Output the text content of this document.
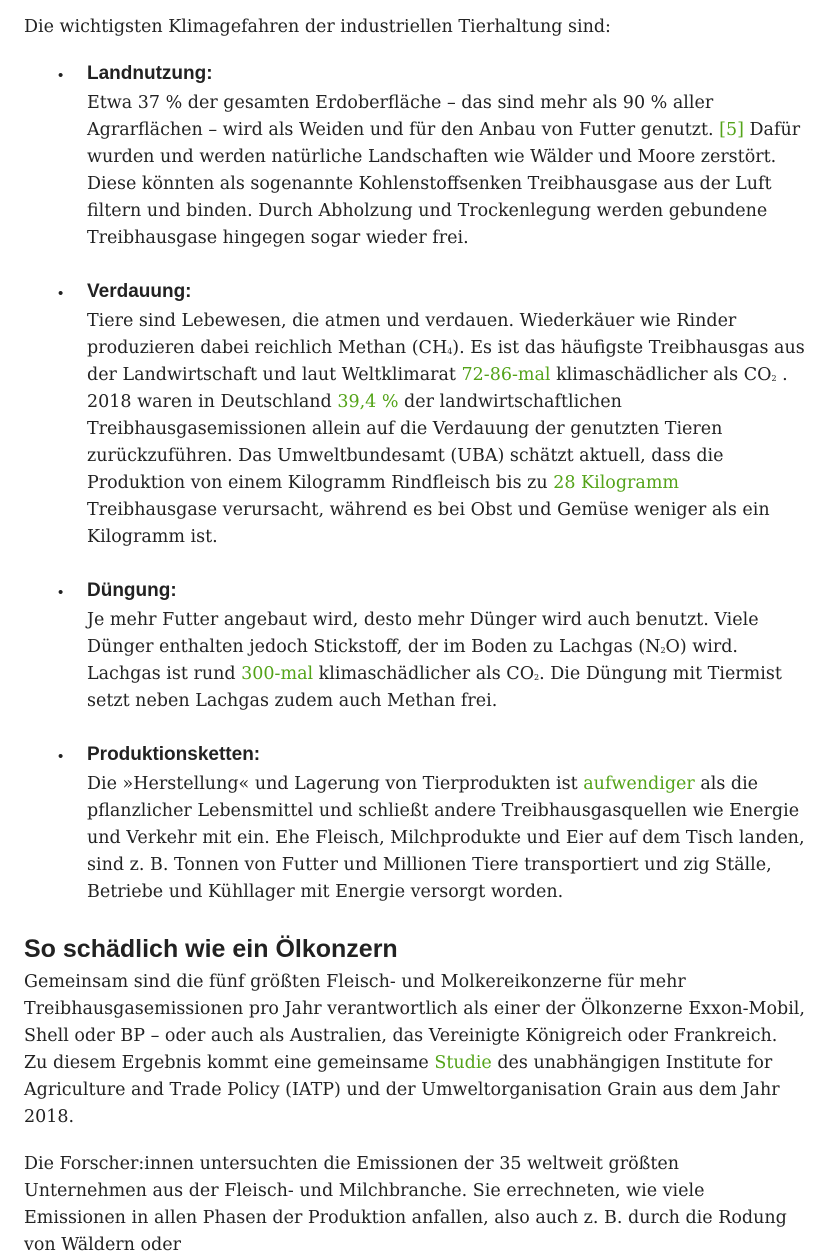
Die wichtigsten Klimagefahren der industriellen Tierhaltung sind:

• Landnutzung:

Etwa 37 % der gesamten Erdoberfläche – das sind mehr als 90 % aller Agrarflächen – wird als Weiden und für den Anbau von Futter genutzt. [5] Dafür wurden und werden natürliche Landschaften wie Wälder und Moore zerstört. Diese könnten als sogenannte Kohlenstoffsenken Treibhausgase aus der Luft filtern und binden. Durch Abholzung und Trockenlegung werden gebundene Treibhausgase hingegen sogar wieder frei.

• Verdauung:

Tiere sind Lebewesen, die atmen und verdauen. Wiederkäuer wie Rinder produzieren dabei reichlich Methan $(CH_4)$. Es ist das häufigste Treibhausgas aus der Landwirtschaft und laut Weltklimarat 72-86-mal klimaschädlicher als $CO_2$ . 2018 waren in Deutschland 39,4 % der landwirtschaftlichen Treibhausgasemissionen allein auf die Verdauung der genutzten Tieren zurückzuführen. Das Umweltbundesamt (UBA) schätzt aktuell, dass die Produktion von einem Kilogramm Rindfleisch bis zu 28 Kilogramm Treibhausgase verursacht, während es bei Obst und Gemüse weniger als ein Kilogramm ist.

• Düngung:

Je mehr Futter angebaut wird, desto mehr Dünger wird auch benutzt. Viele Dünger enthalten jedoch Stickstoff, der im Boden zu Lachgas $(N_2O)$ wird. Lachgas ist rund 300-mal klimaschädlicher als $CO_2$. Die Düngung mit Tiermist setzt neben Lachgas zudem auch Methan frei.

• Produktionsketten:

Die »Herstellung« und Lagerung von Tierprodukten ist aufwendiger als die pflanzlicher Lebensmittel und schließt andere Treibhausgasquellen wie Energie und Verkehr mit ein. Ehe Fleisch, Milchprodukte und Eier auf dem Tisch landen, sind z. B. Tonnen von Futter und Millionen Tiere transportiert und zig Ställe, Betriebe und Kühllager mit Energie versorgt worden.

So schädlich wie ein Ölkonzern

Gemeinsam sind die fünf größten Fleisch- und Molkereikonzerne für mehr Treibhausgasemissionen pro Jahr verantwortlich als einer der Ölkonzerne Exxon-Mobil, Shell oder BP – oder auch als Australien, das Vereinigte Königreich oder Frankreich. Zu diesem Ergebnis kommt eine gemeinsame Studie des unabhängigen Institute for Agriculture and Trade Policy (IATP) und der Umweltorganisation Grain aus dem Jahr 2018.

Die Forscher:innen untersuchten die Emissionen der 35 weltweit größten Unternehmen aus der Fleisch- und Milchbranche. Sie errechneten, wie viele Emissionen in allen Phasen der Produktion anfallen, also auch z. B. durch die Rodung von Wäldern oder
